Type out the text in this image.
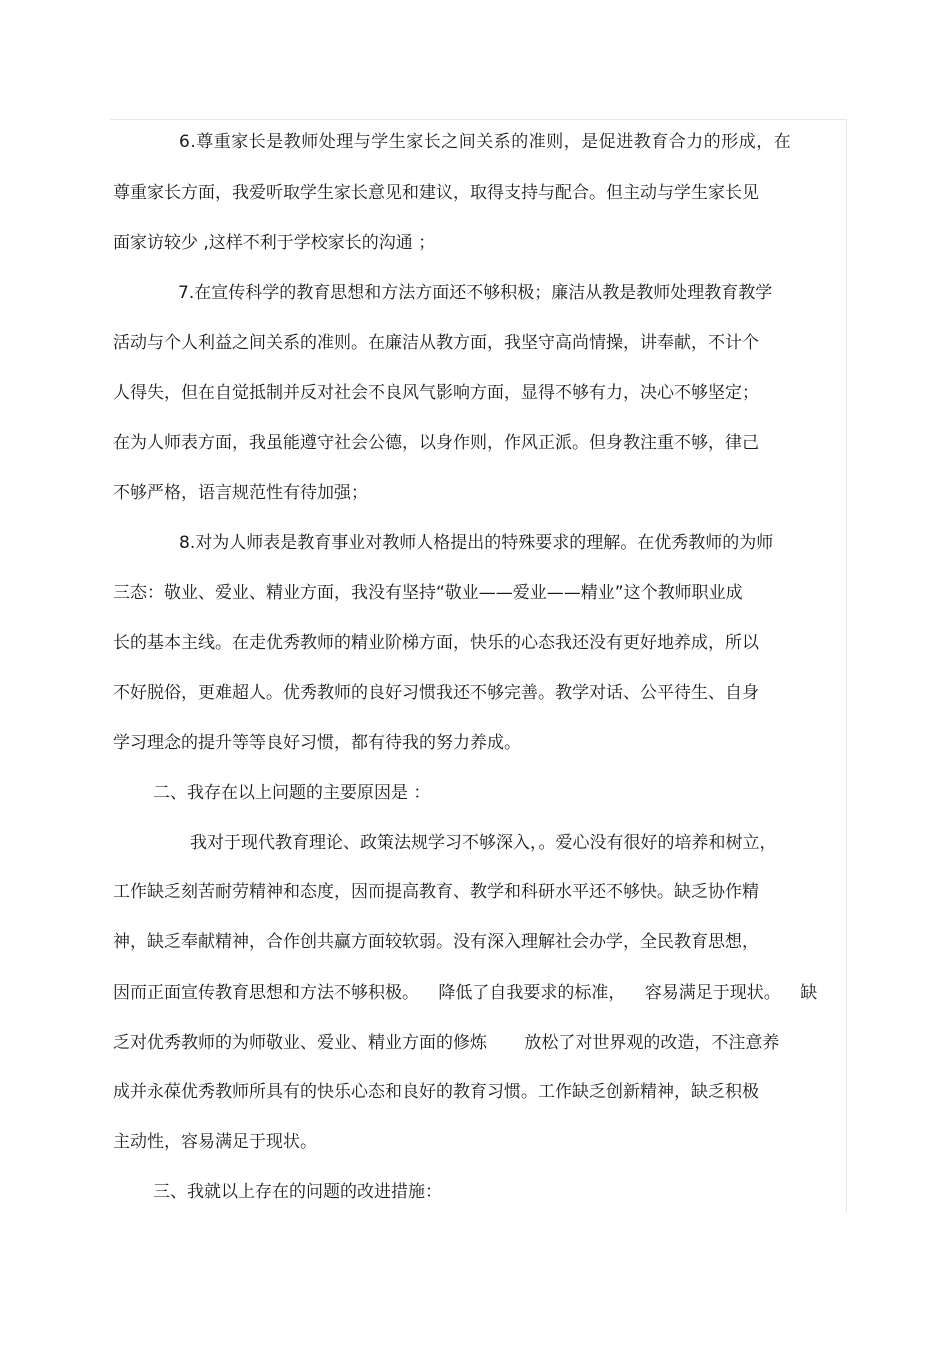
6.尊重家长是教师处理与学生家长之间关系的准则，是促进教育合力的形成，在
尊重家长方面，我爱听取学生家长意见和建议，取得支持与配合。但主动与学生家长见
面家访较少 ,这样不利于学校家长的沟通 ；
7.在宣传科学的教育思想和方法方面还不够积极；廉洁从教是教师处理教育教学
活动与个人利益之间关系的准则。在廉洁从教方面，我坚守高尚情操，讲奉献，不计个
人得失，但在自觉抵制并反对社会不良风气影响方面，显得不够有力，决心不够坚定；
在为人师表方面，我虽能遵守社会公德，以身作则，作风正派。但身教注重不够，律己
不够严格，语言规范性有待加强；
8.对为人师表是教育事业对教师人格提出的特殊要求的理解。在优秀教师的为师
三态：敬业、爱业、精业方面，我没有坚持“敬业——爱业——精业”这个教师职业成
长的基本主线。在走优秀教师的精业阶梯方面，快乐的心态我还没有更好地养成，所以
不好脱俗，更难超人。优秀教师的良好习惯我还不够完善。教学对话、公平待生、自身
学习理念的提升等等良好习惯，都有待我的努力养成。
二、我存在以上问题的主要原因是 ：
我对于现代教育理论、政策法规学习不够深入，。爱心没有很好的培养和树立，
工作缺乏刻苦耐劳精神和态度，因而提高教育、教学和科研水平还不够快。缺乏协作精
神，缺乏奉献精神，合作创共赢方面较软弱。没有深入理解社会办学，全民教育思想，
因而正面宣传教育思想和方法不够积极。 降低了自我要求的标准， 容易满足于现状。 缺
乏对优秀教师的为师敬业、爱业、精业方面的修炼 放松了对世界观的改造，不注意养
成并永葆优秀教师所具有的快乐心态和良好的教育习惯。工作缺乏创新精神，缺乏积极
主动性，容易满足于现状。
三、我就以上存在的问题的改进措施：
